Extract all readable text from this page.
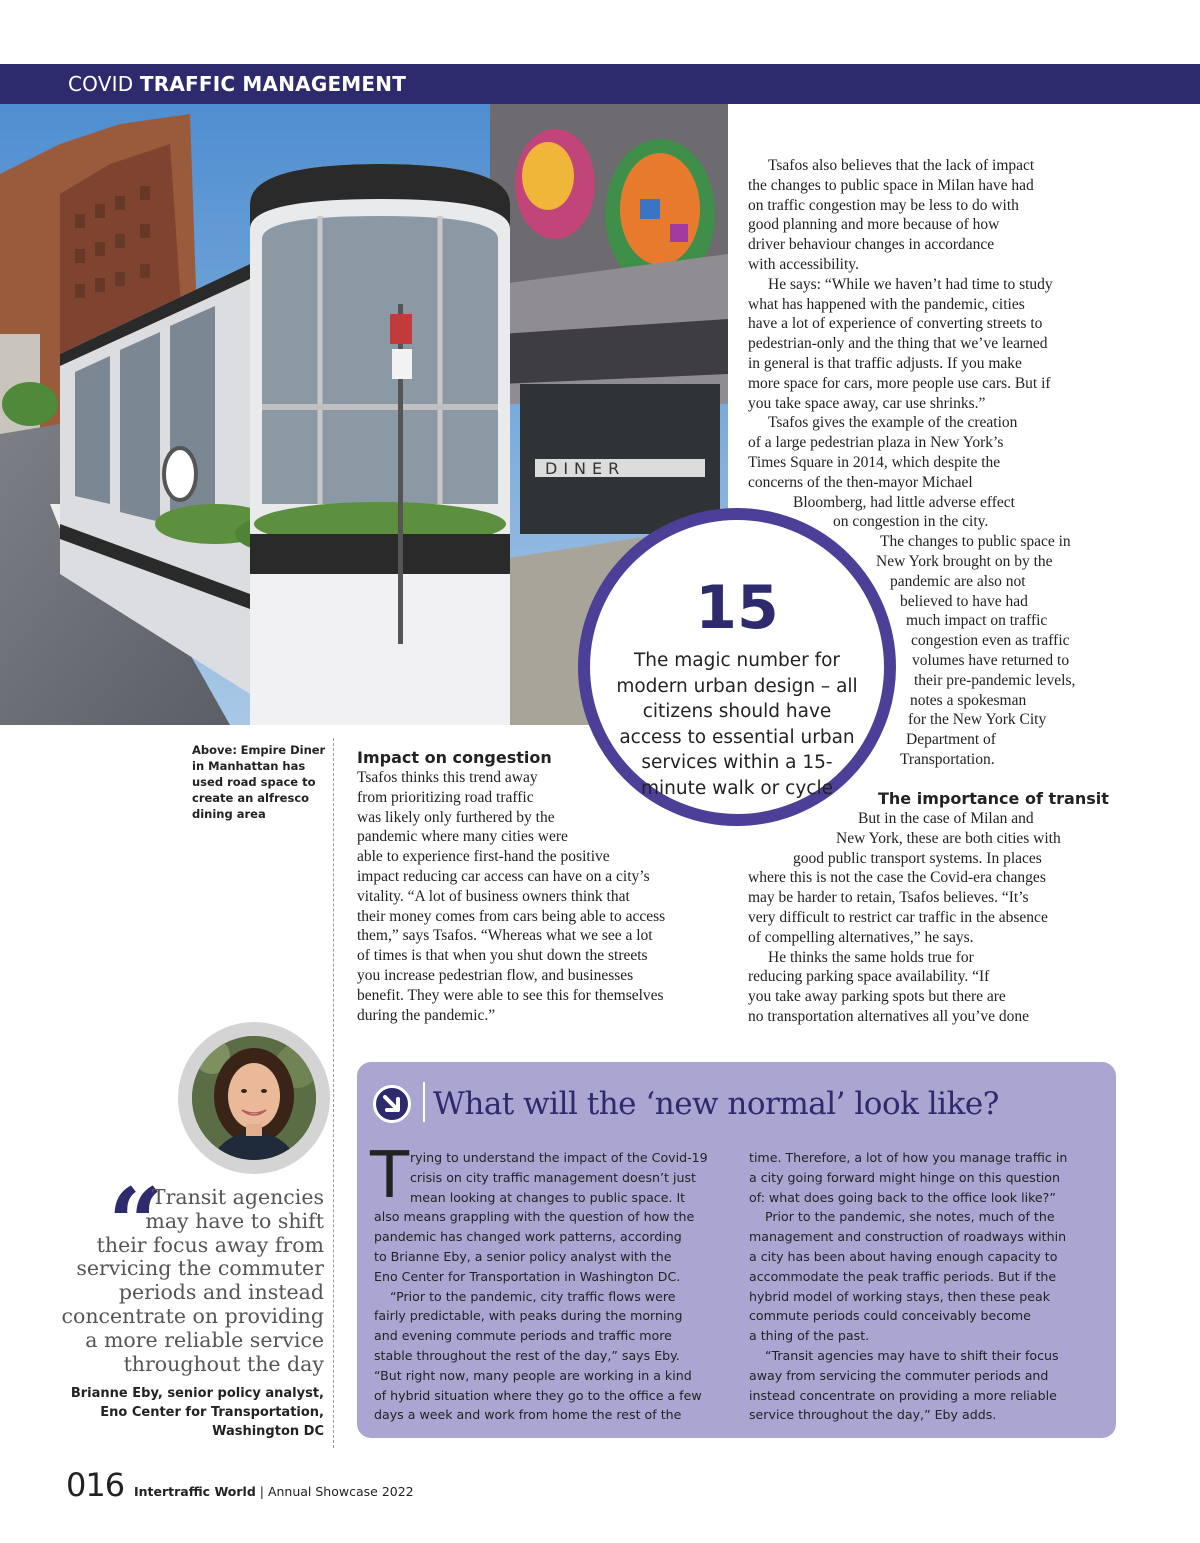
COVID TRAFFIC MANAGEMENT
DINER
Above: Empire Diner in Manhattan has used road space to create an alfresco dining area
Tsafos also believes that the lack of impact
the changes to public space in Milan have had
on traffic congestion may be less to do with
good planning and more because of how
driver behaviour changes in accordance
with accessibility.
He says: “While we haven’t had time to study
what has happened with the pandemic, cities
have a lot of experience of converting streets to
pedestrian-only and the thing that we’ve learned
in general is that traffic adjusts. If you make
more space for cars, more people use cars. But if
you take space away, car use shrinks.”
Tsafos gives the example of the creation
of a large pedestrian plaza in New York’s
Times Square in 2014, which despite the
concerns of the then-mayor Michael
Bloomberg, had little adverse effect
on congestion in the city.
The changes to public space in
New York brought on by the
pandemic are also not
believed to have had
much impact on traffic
congestion even as traffic
volumes have returned to
their pre-pandemic levels,
notes a spokesman
for the New York City
Department of
Transportation.
Impact on congestion
Tsafos thinks this trend away
from prioritizing road traffic
was likely only furthered by the
pandemic where many cities were
able to experience first-hand the positive
impact reducing car access can have on a city’s
vitality. “A lot of business owners think that
their money comes from cars being able to access
them,” says Tsafos. “Whereas what we see a lot
of times is that when you shut down the streets
you increase pedestrian flow, and businesses
benefit. They were able to see this for themselves
during the pandemic.”
The importance of transit
But in the case of Milan and
New York, these are both cities with
good public transport systems. In places
where this is not the case the Covid-era changes
may be harder to retain, Tsafos believes. “It’s
very difficult to restrict car traffic in the absence
of compelling alternatives,” he says.
He thinks the same holds true for
reducing parking space availability. “If
you take away parking spots but there are
no transportation alternatives all you’ve done
15
The magic number for modern urban design – all citizens should have access to essential urban services within a 15-minute walk or cycle
“
Transit agencies
may have to shift
their focus away from
servicing the commuter
periods and instead
concentrate on providing
a more reliable service
throughout the day
Brianne Eby, senior policy analyst,
Eno Center for Transportation,
Washington DC
What will the ‘new normal’ look like?
T rying to understand the impact of the Covid-19
crisis on city traffic management doesn’t just
mean looking at changes to public space. It
also means grappling with the question of how the
pandemic has changed work patterns, according
to Brianne Eby, a senior policy analyst with the
Eno Center for Transportation in Washington DC.
“Prior to the pandemic, city traffic flows were
fairly predictable, with peaks during the morning
and evening commute periods and traffic more
stable throughout the rest of the day,” says Eby.
“But right now, many people are working in a kind
of hybrid situation where they go to the office a few
days a week and work from home the rest of the
time. Therefore, a lot of how you manage traffic in
a city going forward might hinge on this question
of: what does going back to the office look like?”
Prior to the pandemic, she notes, much of the
management and construction of roadways within
a city has been about having enough capacity to
accommodate the peak traffic periods. But if the
hybrid model of working stays, then these peak
commute periods could conceivably become
a thing of the past.
“Transit agencies may have to shift their focus
away from servicing the commuter periods and
instead concentrate on providing a more reliable
service throughout the day,” Eby adds.
016 Intertraffic World | Annual Showcase 2022
